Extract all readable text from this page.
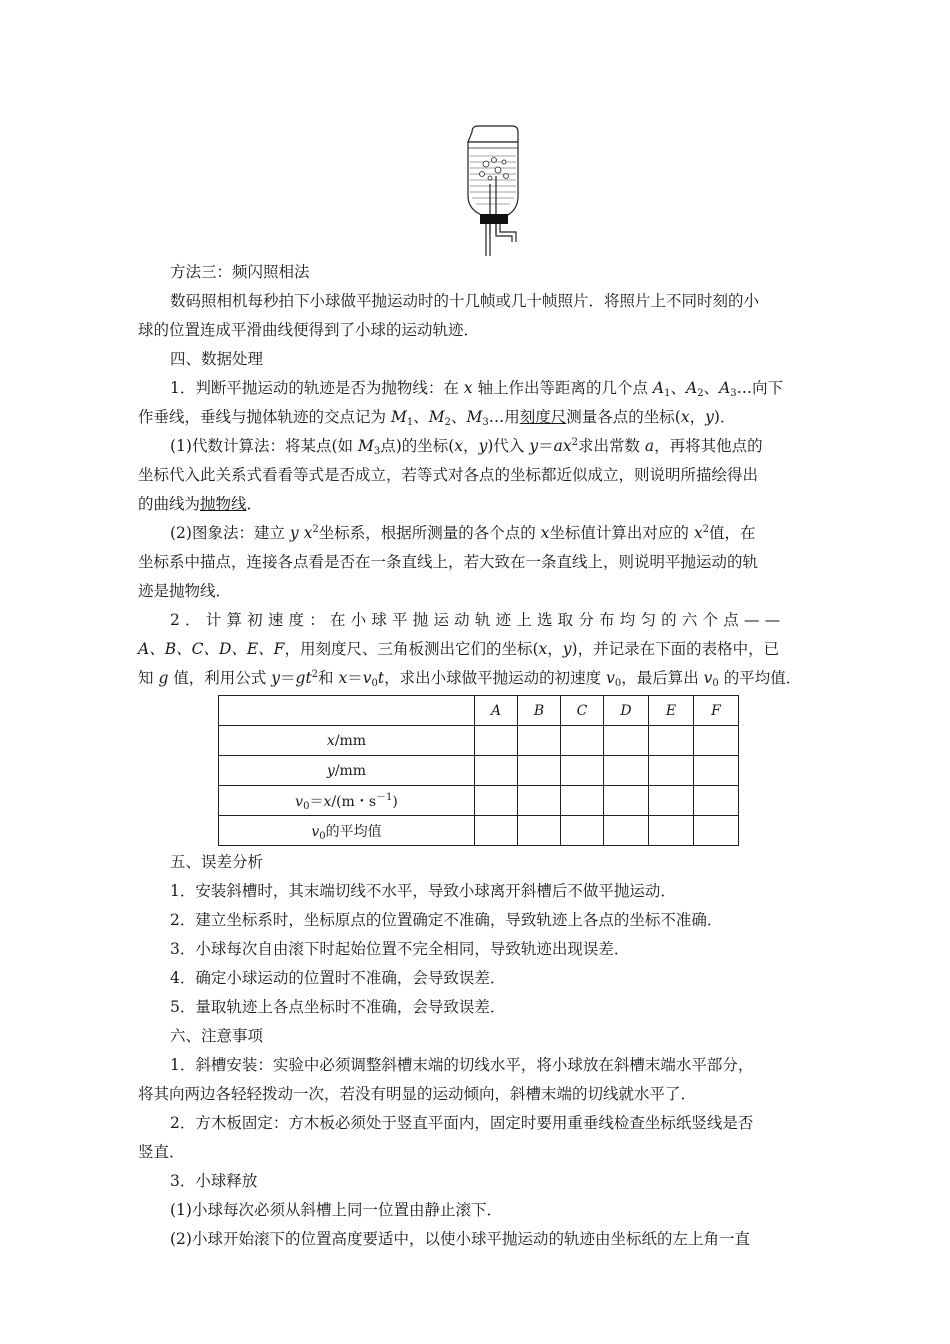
方法三：频闪照相法
数码照相机每秒拍下小球做平抛运动时的十几帧或几十帧照片．将照片上不同时刻的小
球的位置连成平滑曲线便得到了小球的运动轨迹．
四、数据处理
1．判断平抛运动的轨迹是否为抛物线：在 x 轴上作出等距离的几个点 $A_1$、$A_2$、$A_3\dots$向下
作垂线，垂线与抛体轨迹的交点记为 $M_1$、$M_2$、$M_3\dots$用刻度尺测量各点的坐标(x，y)．
(1)代数计算法：将某点(如 $M_3$点)的坐标(x，y)代入 $y=ax^2$求出常数 a，再将其他点的
坐标代入此关系式看看等式是否成立，若等式对各点的坐标都近似成立，则说明所描绘得出
的曲线为抛物线．
(2)图象法：建立 y $x^2$坐标系，根据所测量的各个点的 x坐标值计算出对应的 $x^2$值，在
坐标系中描点，连接各点看是否在一条直线上，若大致在一条直线上，则说明平抛运动的轨
迹是抛物线．
2．计算初速度：在小球平抛运动轨迹上选取分布均匀的六个点——
A、B、C、D、E、F，用刻度尺、三角板测出它们的坐标(x，y)，并记录在下面的表格中，已
知 g 值，利用公式 $y=gt^2$和 $x=v_0t$，求出小球做平抛运动的初速度 $v_0$，最后算出 $v_0$ 的平均值．
	A	B	C	D	E	F
x/mm						
y/mm						
$v_0=x/(m$・$s^{-1}$)						
$v_0$的平均值						
五、误差分析
1．安装斜槽时，其末端切线不水平，导致小球离开斜槽后不做平抛运动．
2．建立坐标系时，坐标原点的位置确定不准确，导致轨迹上各点的坐标不准确．
3．小球每次自由滚下时起始位置不完全相同，导致轨迹出现误差．
4．确定小球运动的位置时不准确，会导致误差．
5．量取轨迹上各点坐标时不准确，会导致误差．
六、注意事项
1．斜槽安装：实验中必须调整斜槽末端的切线水平，将小球放在斜槽末端水平部分，
将其向两边各轻轻拨动一次，若没有明显的运动倾向，斜槽末端的切线就水平了．
2．方木板固定：方木板必须处于竖直平面内，固定时要用重垂线检查坐标纸竖线是否
竖直．
3．小球释放
(1)小球每次必须从斜槽上同一位置由静止滚下．
(2)小球开始滚下的位置高度要适中，以使小球平抛运动的轨迹由坐标纸的左上角一直
